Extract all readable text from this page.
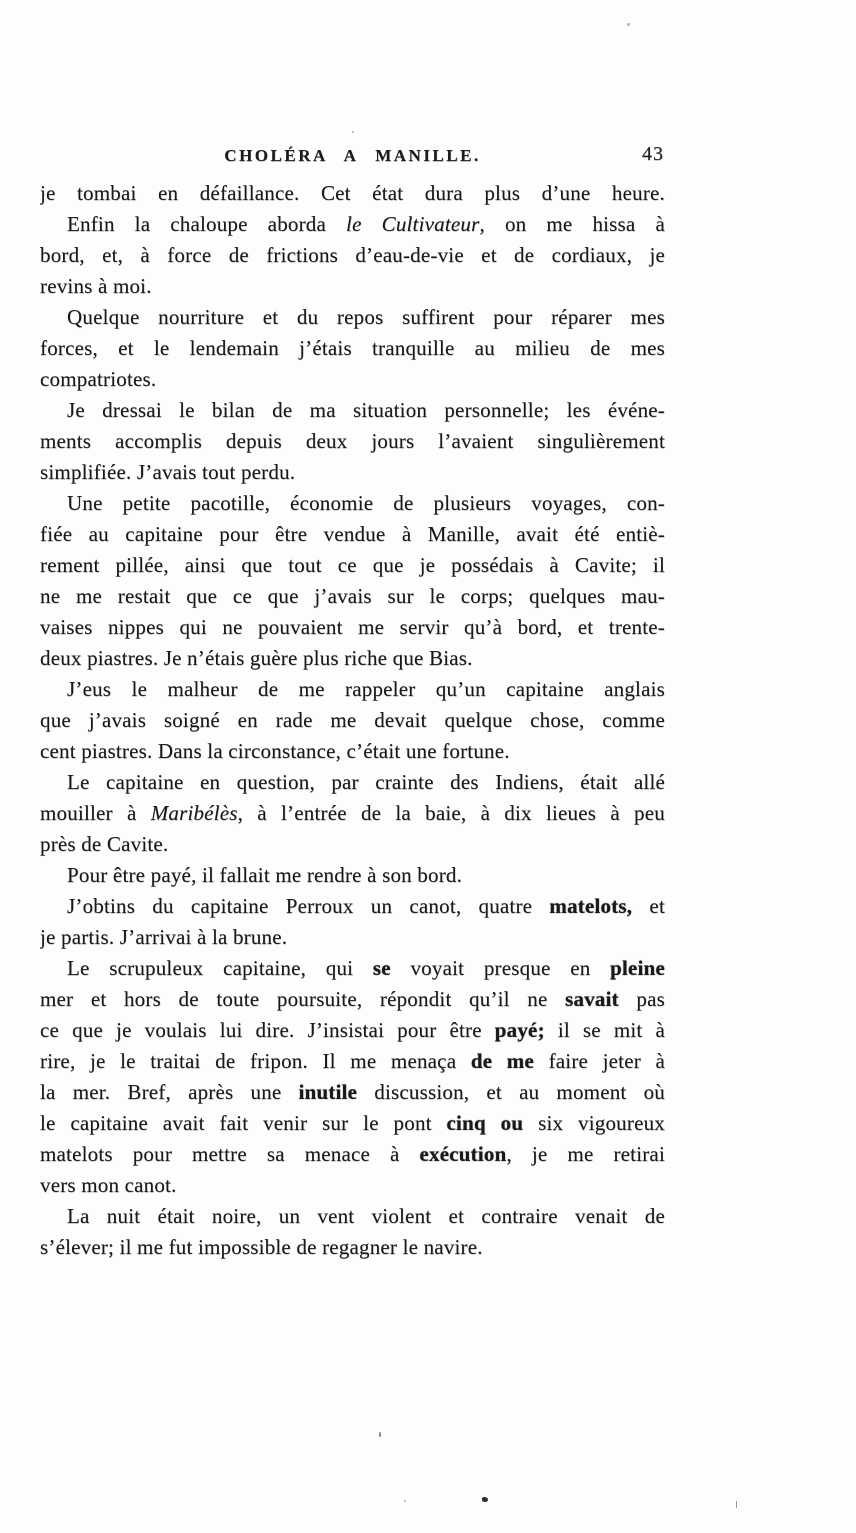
CHOLÉRA A MANILLE.	43
je tombai en défaillance. Cet état dura plus d’une heure.
Enfin la chaloupe aborda le Cultivateur, on me hissa à
bord, et, à force de frictions d’eau-de-vie et de cordiaux, je
revins à moi.
Quelque nourriture et du repos suffirent pour réparer mes
forces, et le lendemain j’étais tranquille au milieu de mes
compatriotes.
Je dressai le bilan de ma situation personnelle; les événe-
ments accomplis depuis deux jours l’avaient singulièrement
simplifiée. J’avais tout perdu.
Une petite pacotille, économie de plusieurs voyages, con-
fiée au capitaine pour être vendue à Manille, avait été entiè-
rement pillée, ainsi que tout ce que je possédais à Cavite; il
ne me restait que ce que j’avais sur le corps; quelques mau-
vaises nippes qui ne pouvaient me servir qu’à bord, et trente-
deux piastres. Je n’étais guère plus riche que Bias.
J’eus le malheur de me rappeler qu’un capitaine anglais
que j’avais soigné en rade me devait quelque chose, comme
cent piastres. Dans la circonstance, c’était une fortune.
Le capitaine en question, par crainte des Indiens, était allé
mouiller à Maribélès, à l’entrée de la baie, à dix lieues à peu
près de Cavite.
Pour être payé, il fallait me rendre à son bord.
J’obtins du capitaine Perroux un canot, quatre matelots, et
je partis. J’arrivai à la brune.
Le scrupuleux capitaine, qui se voyait presque en pleine
mer et hors de toute poursuite, répondit qu’il ne savait pas
ce que je voulais lui dire. J’insistai pour être payé; il se mit à
rire, je le traitai de fripon. Il me menaça de me faire jeter à
la mer. Bref, après une inutile discussion, et au moment où
le capitaine avait fait venir sur le pont cinq ou six vigoureux
matelots pour mettre sa menace à exécution, je me retirai
vers mon canot.
La nuit était noire, un vent violent et contraire venait de
s’élever; il me fut impossible de regagner le navire.
